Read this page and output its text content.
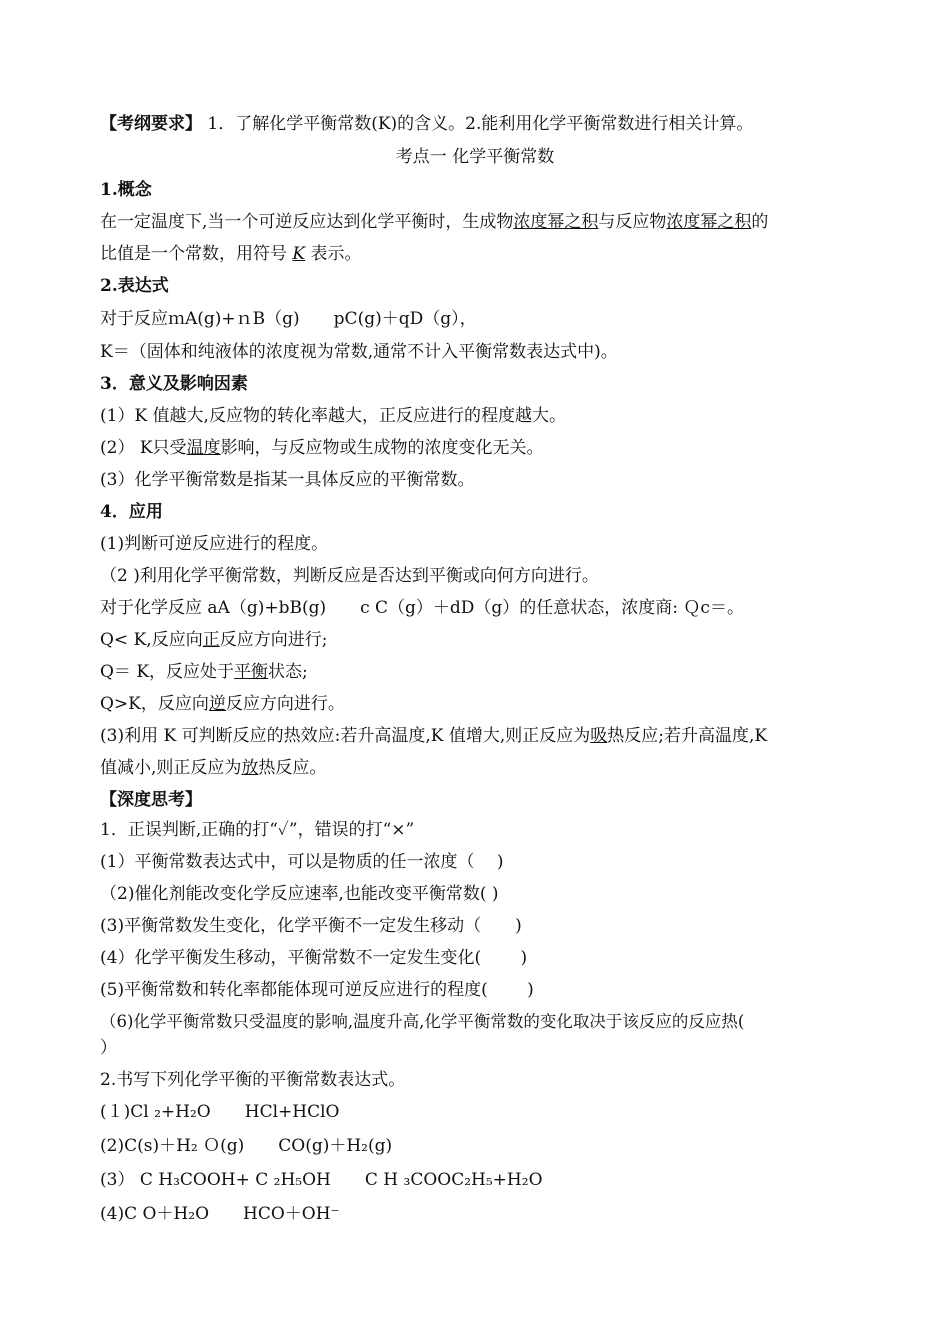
【考纲要求】 1．了解化学平衡常数(K)的含义。2.能利用化学平衡常数进行相关计算。
考点一 化学平衡常数
1.概念
在一定温度下,当一个可逆反应达到化学平衡时，生成物浓度幂之积与反应物浓度幂之积的
比值是一个常数，用符号 K 表示。
2.表达式
对于反应ｍA(g)+ｎB（g)　　pC(g)＋qD（g），
K＝（固体和纯液体的浓度视为常数,通常不计入平衡常数表达式中)。
3．意义及影响因素
(1）K 值越大,反应物的转化率越大，正反应进行的程度越大。
(2） K只受温度影响，与反应物或生成物的浓度变化无关。
(3）化学平衡常数是指某一具体反应的平衡常数。
4．应用
(1)判断可逆反应进行的程度。
（2 )利用化学平衡常数，判断反应是否达到平衡或向何方向进行。
对于化学反应 aA（g)+bB(g)　　c C（g）＋dD（g）的任意状态，浓度商: Ｑc＝。
Q< K,反应向正反应方向进行;
Q＝ K，反应处于平衡状态;
Q>K，反应向逆反应方向进行。
(3)利用 K 可判断反应的热效应:若升高温度,K 值增大,则正反应为吸热反应;若升高温度,K
值减小,则正反应为放热反应。
【深度思考】
1．正误判断,正确的打“✓”，错误的打“×”
(1）平衡常数表达式中，可以是物质的任一浓度（　 )
（2)催化剂能改变化学反应速率,也能改变平衡常数( )
(3)平衡常数发生变化，化学平衡不一定发生移动（　　)
(4）化学平衡发生移动，平衡常数不一定发生变化(　　 )
(5)平衡常数和转化率都能体现可逆反应进行的程度(　　 )
（6)化学平衡常数只受温度的影响,温度升高,化学平衡常数的变化取决于该反应的反应热(
）
2.书写下列化学平衡的平衡常数表达式。
(１)Cl ₂+H₂O　　HCl+HClO
(2)C(s)＋H₂ Ｏ(g)　　CO(g)＋H₂(g)
(3） C H₃COOH+ C ₂H₅OH　　C H ₃COOC₂H₅+H₂O
(4)C O＋H₂O　　HCO＋OH⁻
